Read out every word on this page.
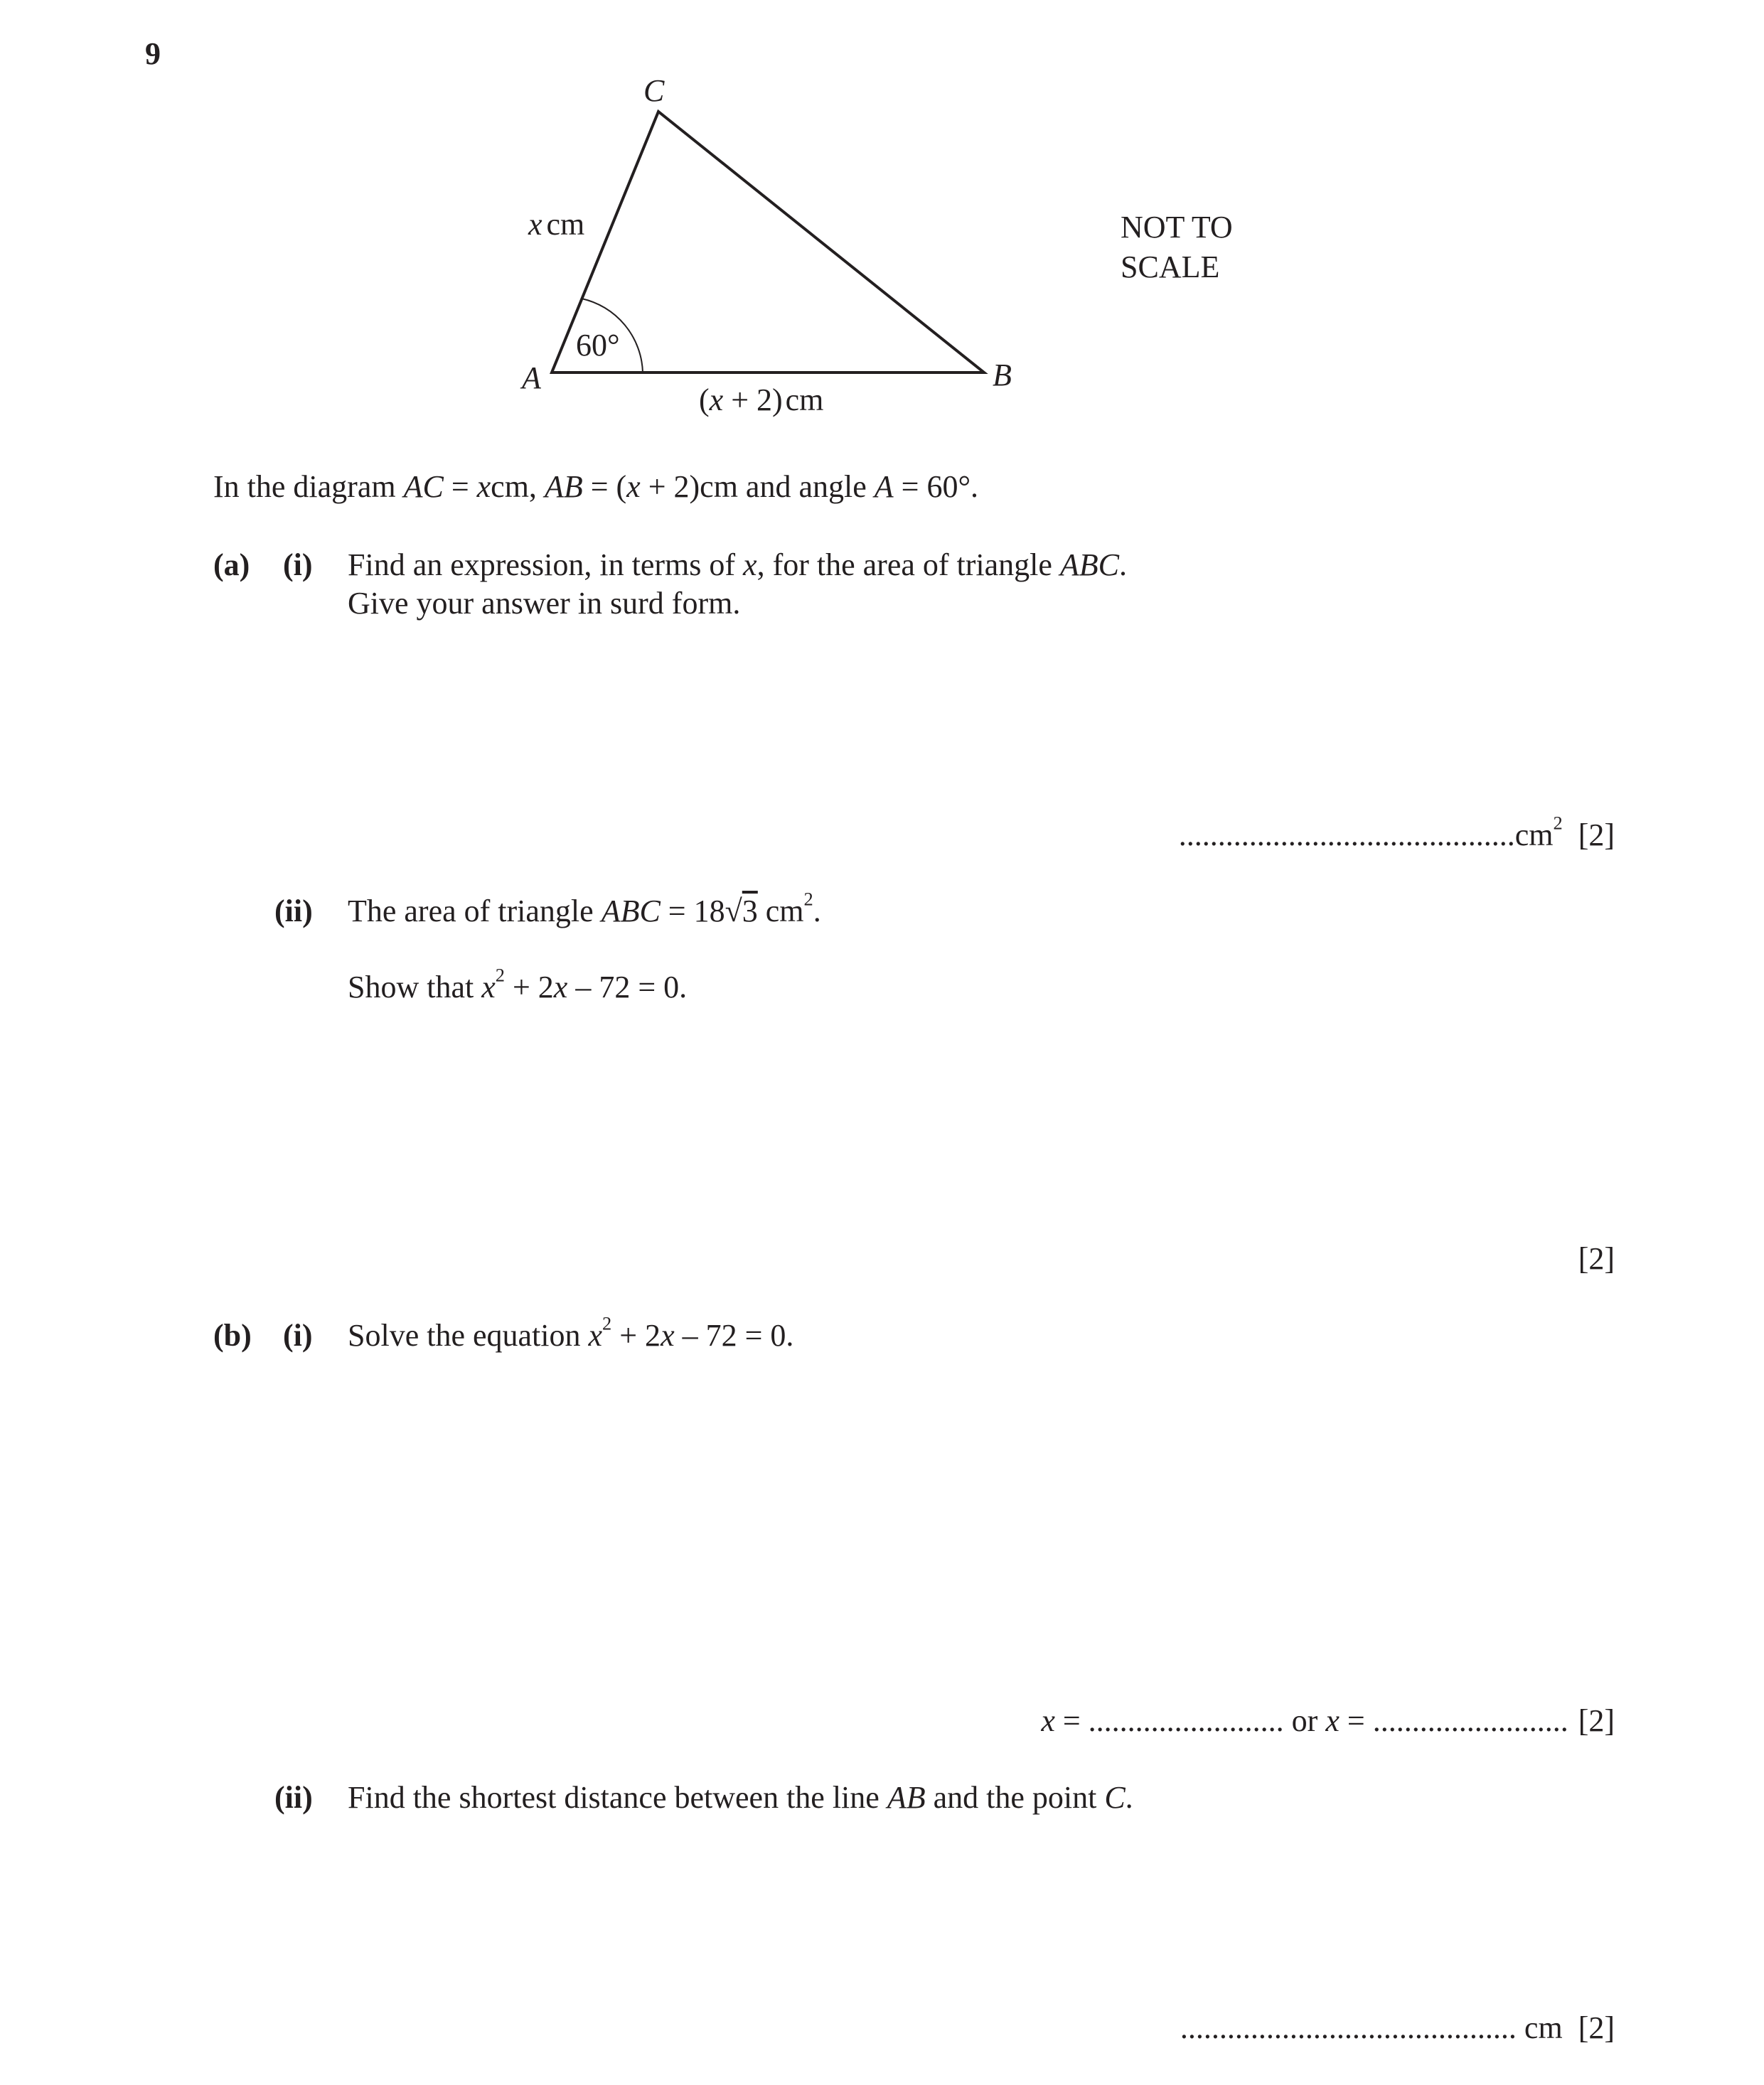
9
C
A	B
x cm
60°
(x + 2)cm
NOT TO
SCALE
In the diagram AC = xcm, AB = (x + 2)cm and angle A = 60°.
(a) (i) Find an expression, in terms of x, for the area of triangle ABC.
Give your answer in surd form.
$...........................................cm^2$ [2]
(ii) The area of triangle ABC = 18√3 $cm^2$.
Show that $x^2 + 2x - 72 = 0$.
[2]
(b) (i) Solve the equation $x^2 + 2x - 72 = 0$.
x = ......................... or x = ......................... [2]
(ii) Find the shortest distance between the line AB and the point C.
........................................... cm [2]
